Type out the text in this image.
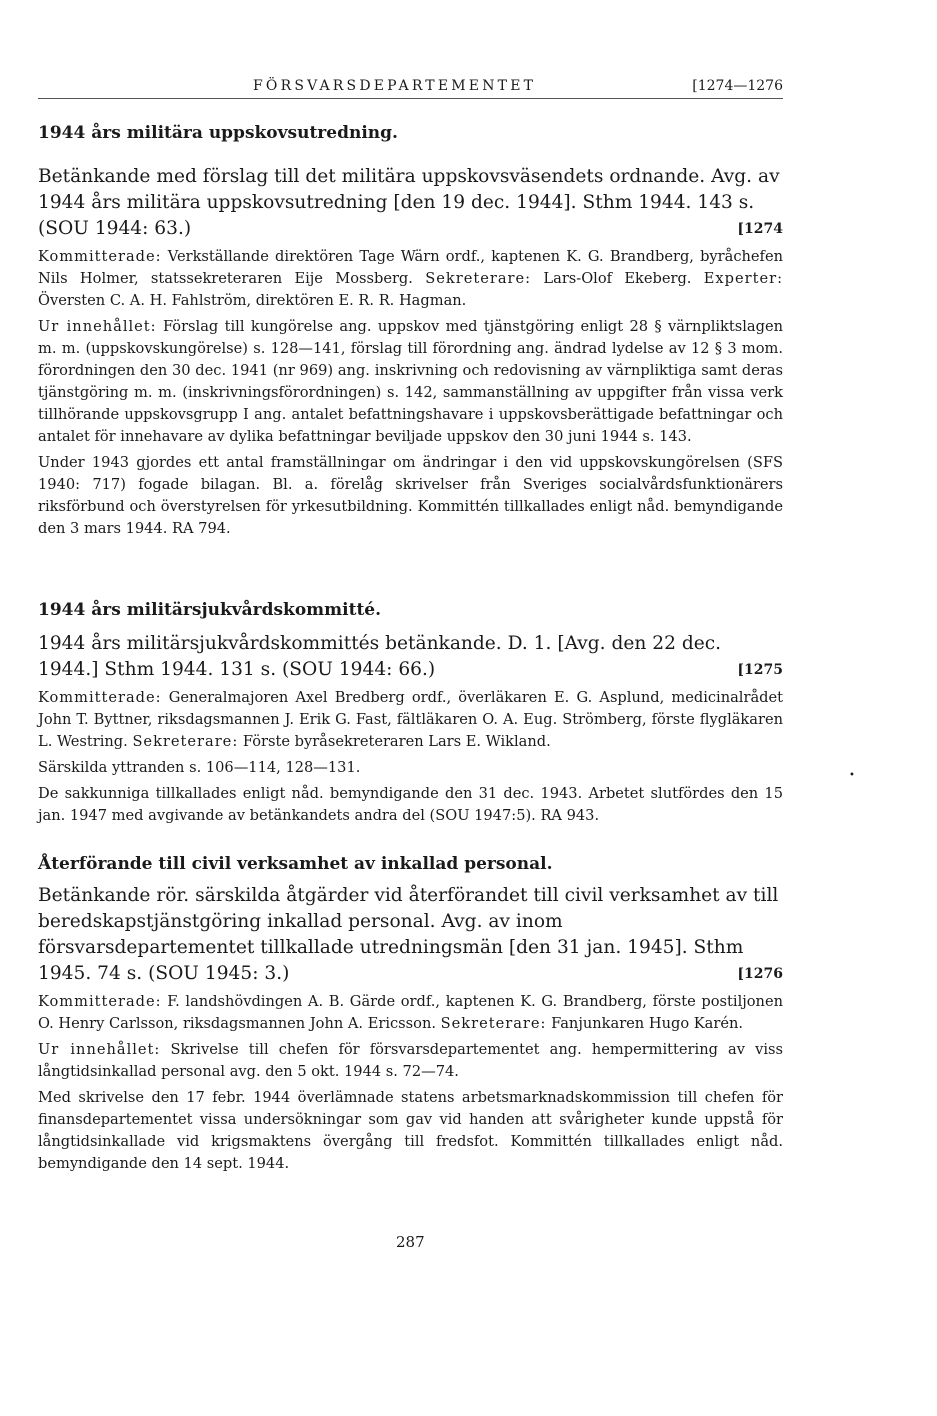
FÖRSVARSDEPARTEMENTET	[1274—1276

1944 års militära uppskovsutredning.

Betänkande med förslag till det militära uppskovsväsendets ordnande. Avg. av 1944 års militära uppskovsutredning [den 19 dec. 1944]. Sthm 1944. 143 s. (SOU 1944: 63.)	[1274

Kommitterade: Verkställande direktören Tage Wärn ordf., kaptenen K. G. Brandberg, byråchefen Nils Holmer, statssekreteraren Eije Mossberg. Sekreterare: Lars-Olof Ekeberg. Experter: Översten C. A. H. Fahlström, direktören E. R. R. Hagman.

Ur innehållet: Förslag till kungörelse ang. uppskov med tjänstgöring enligt 28 § värnpliktslagen m. m. (uppskovskungörelse) s. 128—141, förslag till förordning ang. ändrad lydelse av 12 § 3 mom. förordningen den 30 dec. 1941 (nr 969) ang. inskrivning och redovisning av värnpliktiga samt deras tjänstgöring m. m. (inskrivningsförordningen) s. 142, sammanställning av uppgifter från vissa verk tillhörande uppskovsgrupp I ang. antalet befattningshavare i uppskovsberättigade befattningar och antalet för innehavare av dylika befattningar beviljade uppskov den 30 juni 1944 s. 143.

Under 1943 gjordes ett antal framställningar om ändringar i den vid uppskovskungörelsen (SFS 1940: 717) fogade bilagan. Bl. a. förelåg skrivelser från Sveriges socialvårdsfunktionärers riksförbund och överstyrelsen för yrkesutbildning. Kommittén tillkallades enligt nåd. bemyndigande den 3 mars 1944. RA 794.

1944 års militärsjukvårdskommitté.

1944 års militärsjukvårdskommittés betänkande. D. 1. [Avg. den 22 dec. 1944.] Sthm 1944. 131 s. (SOU 1944: 66.)	[1275

Kommitterade: Generalmajoren Axel Bredberg ordf., överläkaren E. G. Asplund, medicinalrådet John T. Byttner, riksdagsmannen J. Erik G. Fast, fältläkaren O. A. Eug. Strömberg, förste flygläkaren L. Westring. Sekreterare: Förste byråsekreteraren Lars E. Wikland.

Särskilda yttranden s. 106—114, 128—131.

De sakkunniga tillkallades enligt nåd. bemyndigande den 31 dec. 1943. Arbetet slutfördes den 15 jan. 1947 med avgivande av betänkandets andra del (SOU 1947:5). RA 943.

Återförande till civil verksamhet av inkallad personal.

Betänkande rör. särskilda åtgärder vid återförandet till civil verksamhet av till beredskapstjänstgöring inkallad personal. Avg. av inom försvarsdepartementet tillkallade utredningsmän [den 31 jan. 1945]. Sthm 1945. 74 s. (SOU 1945: 3.)	[1276

Kommitterade: F. landshövdingen A. B. Gärde ordf., kaptenen K. G. Brandberg, förste postiljonen O. Henry Carlsson, riksdagsmannen John A. Ericsson. Sekreterare: Fanjunkaren Hugo Karén.

Ur innehållet: Skrivelse till chefen för försvarsdepartementet ang. hempermittering av viss långtidsinkallad personal avg. den 5 okt. 1944 s. 72—74.

Med skrivelse den 17 febr. 1944 överlämnade statens arbetsmarknadskommission till chefen för finansdepartementet vissa undersökningar som gav vid handen att svårigheter kunde uppstå för långtidsinkallade vid krigsmaktens övergång till fredsfot. Kommittén tillkallades enligt nåd. bemyndigande den 14 sept. 1944.

287
•
